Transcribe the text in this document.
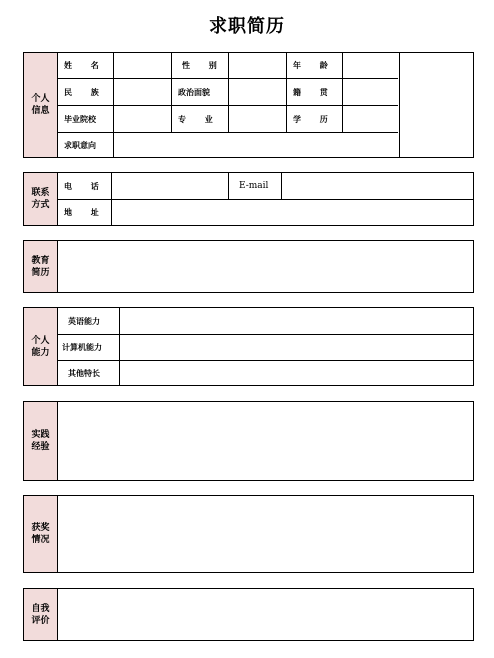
求职简历
个人信息
姓 名	性 别	年 龄
民 族	政治面貌	籍 贯
毕业院校	专 业	学 历
求职意向
联系方式
电 话	E-mail
地 址
教育简历
个人能力
英语能力
计算机能力
其他特长
实践经验
获奖情况
自我评价
